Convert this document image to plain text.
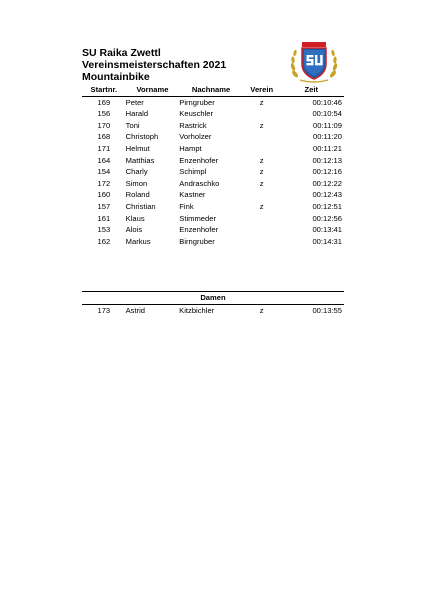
SU Raika Zwettl
Vereinsmeisterschaften 2021
Mountainbike
Startnr.	Vorname	Nachname	Verein	Zeit
169	Peter	Pirngruber	z	00:10:46
156	Harald	Keuschler		00:10:54
170	Toni	Rastrick	z	00:11:09
168	Christoph	Vorholzer		00:11:20
171	Helmut	Hampt		00:11:21
164	Matthias	Enzenhofer	z	00:12:13
154	Charly	Schimpl	z	00:12:16
172	Simon	Andraschko	z	00:12:22
160	Roland	Kastner		00:12:43
157	Christian	Fink	z	00:12:51
161	Klaus	Stimmeder		00:12:56
153	Alois	Enzenhofer		00:13:41
162	Markus	Birngruber		00:14:31
Damen
173	Astrid	Kitzbichler	z	00:13:55
